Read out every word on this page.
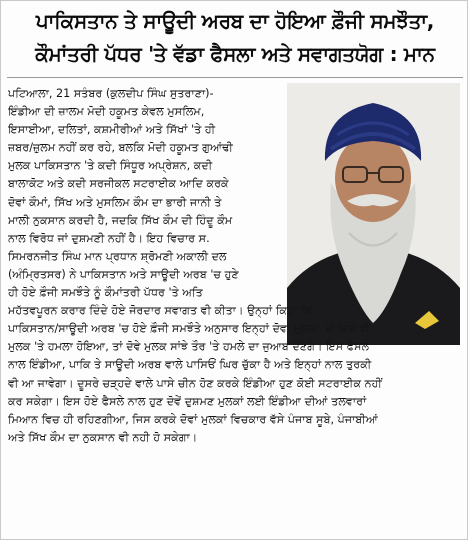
ਪਾਕਿਸਤਾਨ ਤੇ ਸਾਊਦੀ ਅਰਬ ਦਾ ਹੋਇਆ ਫ਼ੌਜੀ ਸਮਝੌਤਾ,
ਕੌਮਾਂਤਰੀ ਪੱਧਰ 'ਤੇ ਵੱਡਾ ਫੈਸਲਾ ਅਤੇ ਸਵਾਗਤਯੋਗ : ਮਾਨ
ਪਟਿਆਲਾ, 21 ਸਤੰਬਰ (ਕੁਲਦੀਪ ਸਿੰਘ ਸੁਤਰਾਣਾ)-
ਇੰਡੀਆ ਦੀ ਜ਼ਾਲਮ ਮੋਦੀ ਹਕੂਮਤ ਕੇਵਲ ਮੁਸਲਿਮ,
ਇਸਾਈਆ, ਦਲਿਤਾਂ, ਕਸ਼ਮੀਰੀਆਂ ਅਤੇ ਸਿੱਖਾਂ 'ਤੇ ਹੀ
ਜ਼ਬਰ/ਜ਼ੁਲਮ ਨਹੀਂ ਕਰ ਰਹੇ, ਬਲਕਿ ਮੋਦੀ ਹਕੂਮਤ ਗੁਆਂਢੀ
ਮੁਲਕ ਪਾਕਿਸਤਾਨ 'ਤੇ ਕਦੀ ਸਿੰਧੂਰ ਅਪ੍ਰੇਸ਼ਨ, ਕਦੀ
ਬਾਲਾਕੋਟ ਅਤੇ ਕਦੀ ਸਰਜੀਕਲ ਸਟਰਾਈਕ ਆਦਿ ਕਰਕੇ
ਦੋਵਾਂ ਕੌਮਾਂ, ਸਿੱਖ ਅਤੇ ਮੁਸਲਿਮ ਕੌਮ ਦਾ ਭਾਰੀ ਜਾਨੀ ਤੇ
ਮਾਲੀ ਨੁਕਸਾਨ ਕਰਦੀ ਹੈ, ਜਦਕਿ ਸਿੱਖ ਕੌਮ ਦੀ ਹਿੰਦੂ ਕੌਮ
ਨਾਲ ਵਿਰੋਧ ਜਾਂ ਦੁਸ਼ਮਣੀ ਨਹੀਂ ਹੈ। ਇਹ ਵਿਚਾਰ ਸ.
ਸਿਮਰਨਜੀਤ ਸਿੰਘ ਮਾਨ ਪ੍ਰਧਾਨ ਸ਼੍ਰੋਮਣੀ ਅਕਾਲੀ ਦਲ
(ਅੰਮ੍ਰਿਤਸਰ) ਨੇ ਪਾਕਿਸਤਾਨ ਅਤੇ ਸਾਊਦੀ ਅਰਬ 'ਚ ਹੁਣੇ
ਹੀ ਹੋਏ ਫ਼ੌਜੀ ਸਮਝੌਤੇ ਨੂੰ ਕੌਮਾਂਤਰੀ ਪੱਧਰ 'ਤੇ ਅਤਿ
ਮਹੱਤਵਪੂਰਨ ਕਰਾਰ ਦਿੰਦੇ ਹੋਏ ਜੋਰਦਾਰ ਸਵਾਗਤ ਵੀ ਕੀਤਾ। ਉਨ੍ਹਾਂ ਕਿਹਾ ਕਿ
ਪਾਕਿਸਤਾਨ/ਸਾਊਦੀ ਅਰਬ 'ਚ ਹੋਏ ਫ਼ੌਜੀ ਸਮਝੌਤੇ ਅਨੁਸਾਰ ਇਨ੍ਹਾਂ ਦੋਵਾਂ ਮੁਲਕਾਂ 'ਚ ਕਿਸੇ ਵੀ
ਮੁਲਕ 'ਤੇ ਹਮਲਾ ਹੋਇਆ, ਤਾਂ ਦੋਵੇ ਮੁਲਕ ਸਾਂਝੇ ਤੌਰ 'ਤੇ ਹਮਲੇ ਦਾ ਜੁਆਬ ਦੇਣਗੇ। ਇਸ ਫੈਸਲੇ
ਨਾਲ ਇੰਡੀਆ, ਪਾਕਿ ਤੇ ਸਾਊਦੀ ਅਰਬ ਵਾਲੇ ਪਾਸਿਓਂ ਘਿਰ ਚੁੱਕਾ ਹੈ ਅਤੇ ਇਨ੍ਹਾਂ ਨਾਲ ਤੁਰਕੀ
ਵੀ ਆ ਜਾਵੇਗਾ। ਦੂਸਰੇ ਚੜ੍ਹਦੇ ਵਾਲੇ ਪਾਸੇ ਚੀਨ ਹੋਣ ਕਰਕੇ ਇੰਡੀਆ ਹੁਣ ਕੋਈ ਸਟਰਾਈਕ ਨਹੀਂ
ਕਰ ਸਕੇਗਾ। ਇਸ ਹੋਏ ਫੈਸਲੇ ਨਾਲ ਹੁਣ ਦੋਵੇਂ ਦੁਸ਼ਮਣ ਮੁਲਕਾਂ ਲਈ ਇੰਡੀਆ ਦੀਆਂ ਤਲਵਾਰਾਂ
ਮਿਆਨ ਵਿਚ ਹੀ ਰਹਿਣਗੀਆ, ਜਿਸ ਕਰਕੇ ਦੋਵਾਂ ਮੁਲਕਾਂ ਵਿਚਕਾਰ ਵੱਸੇ ਪੰਜਾਬ ਸੂਬੇ, ਪੰਜਾਬੀਆਂ
ਅਤੇ ਸਿੱਖ ਕੌਮ ਦਾ ਨੁਕਸਾਨ ਵੀ ਨਹੀ ਹੋ ਸਕੇਗਾ।
